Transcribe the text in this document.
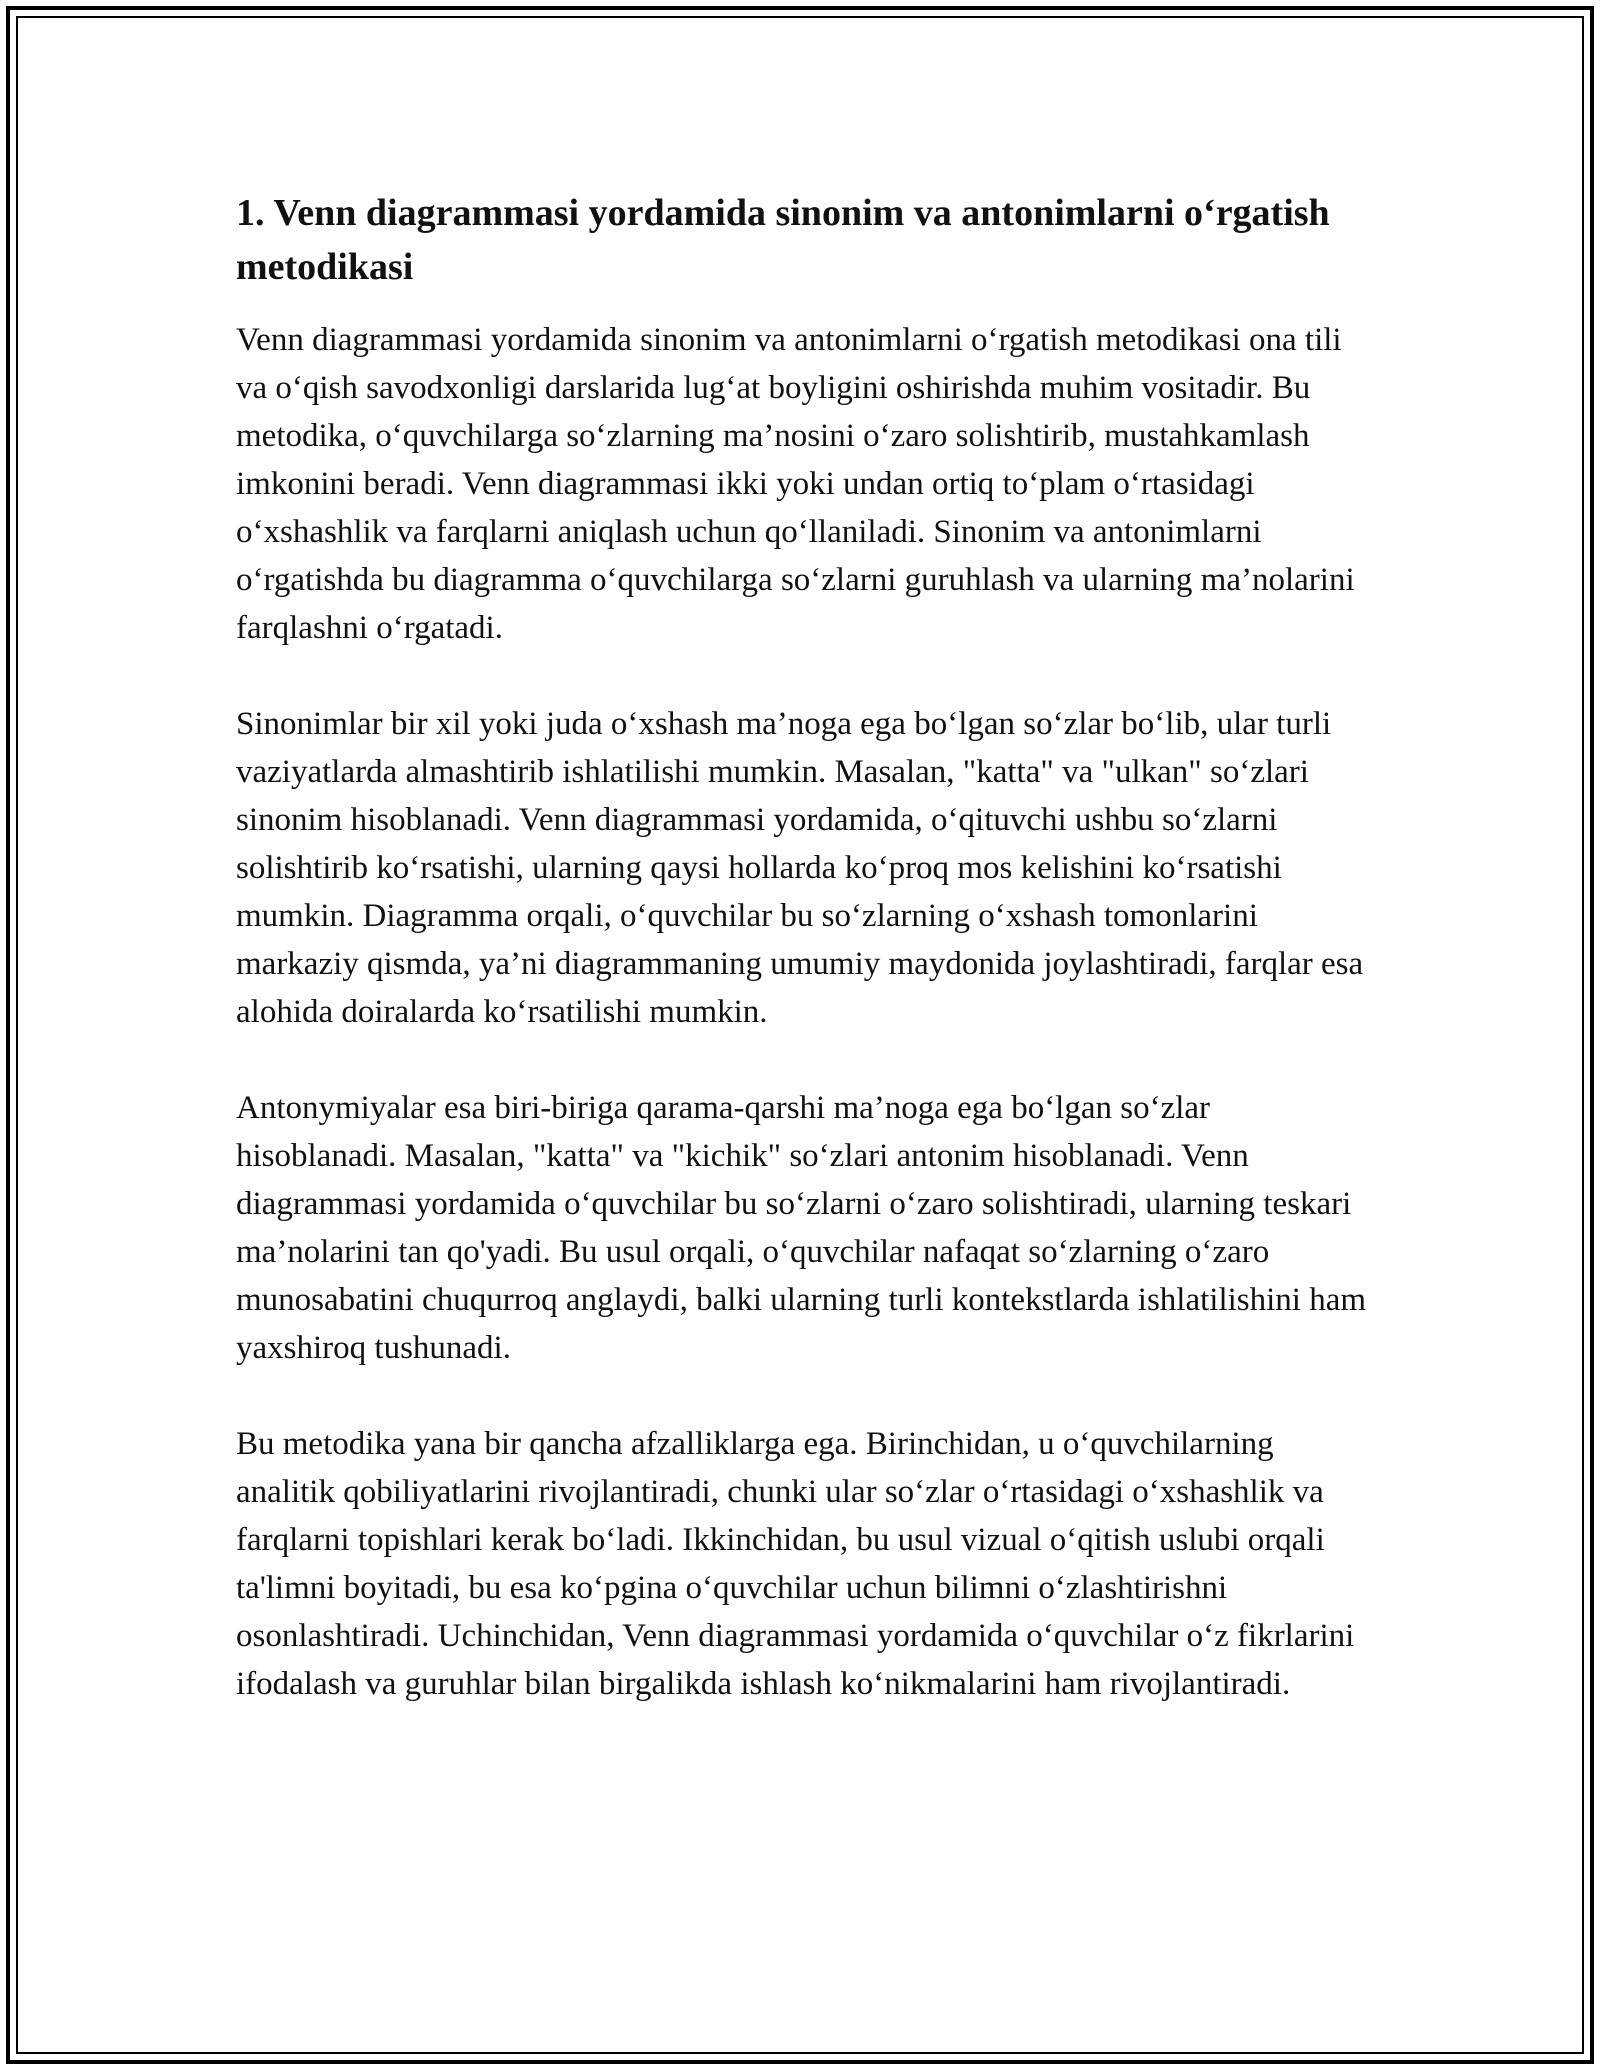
1. Venn diagrammasi yordamida sinonim va antonimlarni o‘rgatish metodikasi

Venn diagrammasi yordamida sinonim va antonimlarni o‘rgatish metodikasi ona tili va o‘qish savodxonligi darslarida lug‘at boyligini oshirishda muhim vositadir. Bu metodika, o‘quvchilarga so‘zlarning ma’nosini o‘zaro solishtirib, mustahkamlash imkonini beradi. Venn diagrammasi ikki yoki undan ortiq to‘plam o‘rtasidagi o‘xshashlik va farqlarni aniqlash uchun qo‘llaniladi. Sinonim va antonimlarni o‘rgatishda bu diagramma o‘quvchilarga so‘zlarni guruhlash va ularning ma’nolarini farqlashni o‘rgatadi.

Sinonimlar bir xil yoki juda o‘xshash ma’noga ega bo‘lgan so‘zlar bo‘lib, ular turli vaziyatlarda almashtirib ishlatilishi mumkin. Masalan, "katta" va "ulkan" so‘zlari sinonim hisoblanadi. Venn diagrammasi yordamida, o‘qituvchi ushbu so‘zlarni solishtirib ko‘rsatishi, ularning qaysi hollarda ko‘proq mos kelishini ko‘rsatishi mumkin. Diagramma orqali, o‘quvchilar bu so‘zlarning o‘xshash tomonlarini markaziy qismda, ya’ni diagrammaning umumiy maydonida joylashtiradi, farqlar esa alohida doiralarda ko‘rsatilishi mumkin.

Antonymiyalar esa biri-biriga qarama-qarshi ma’noga ega bo‘lgan so‘zlar hisoblanadi. Masalan, "katta" va "kichik" so‘zlari antonim hisoblanadi. Venn diagrammasi yordamida o‘quvchilar bu so‘zlarni o‘zaro solishtiradi, ularning teskari ma’nolarini tan qo'yadi. Bu usul orqali, o‘quvchilar nafaqat so‘zlarning o‘zaro munosabatini chuqurroq anglaydi, balki ularning turli kontekstlarda ishlatilishini ham yaxshiroq tushunadi.

Bu metodika yana bir qancha afzalliklarga ega. Birinchidan, u o‘quvchilarning analitik qobiliyatlarini rivojlantiradi, chunki ular so‘zlar o‘rtasidagi o‘xshashlik va farqlarni topishlari kerak bo‘ladi. Ikkinchidan, bu usul vizual o‘qitish uslubi orqali ta'limni boyitadi, bu esa ko‘pgina o‘quvchilar uchun bilimni o‘zlashtirishni osonlashtiradi. Uchinchidan, Venn diagrammasi yordamida o‘quvchilar o‘z fikrlarini ifodalash va guruhlar bilan birgalikda ishlash ko‘nikmalarini ham rivojlantiradi.
